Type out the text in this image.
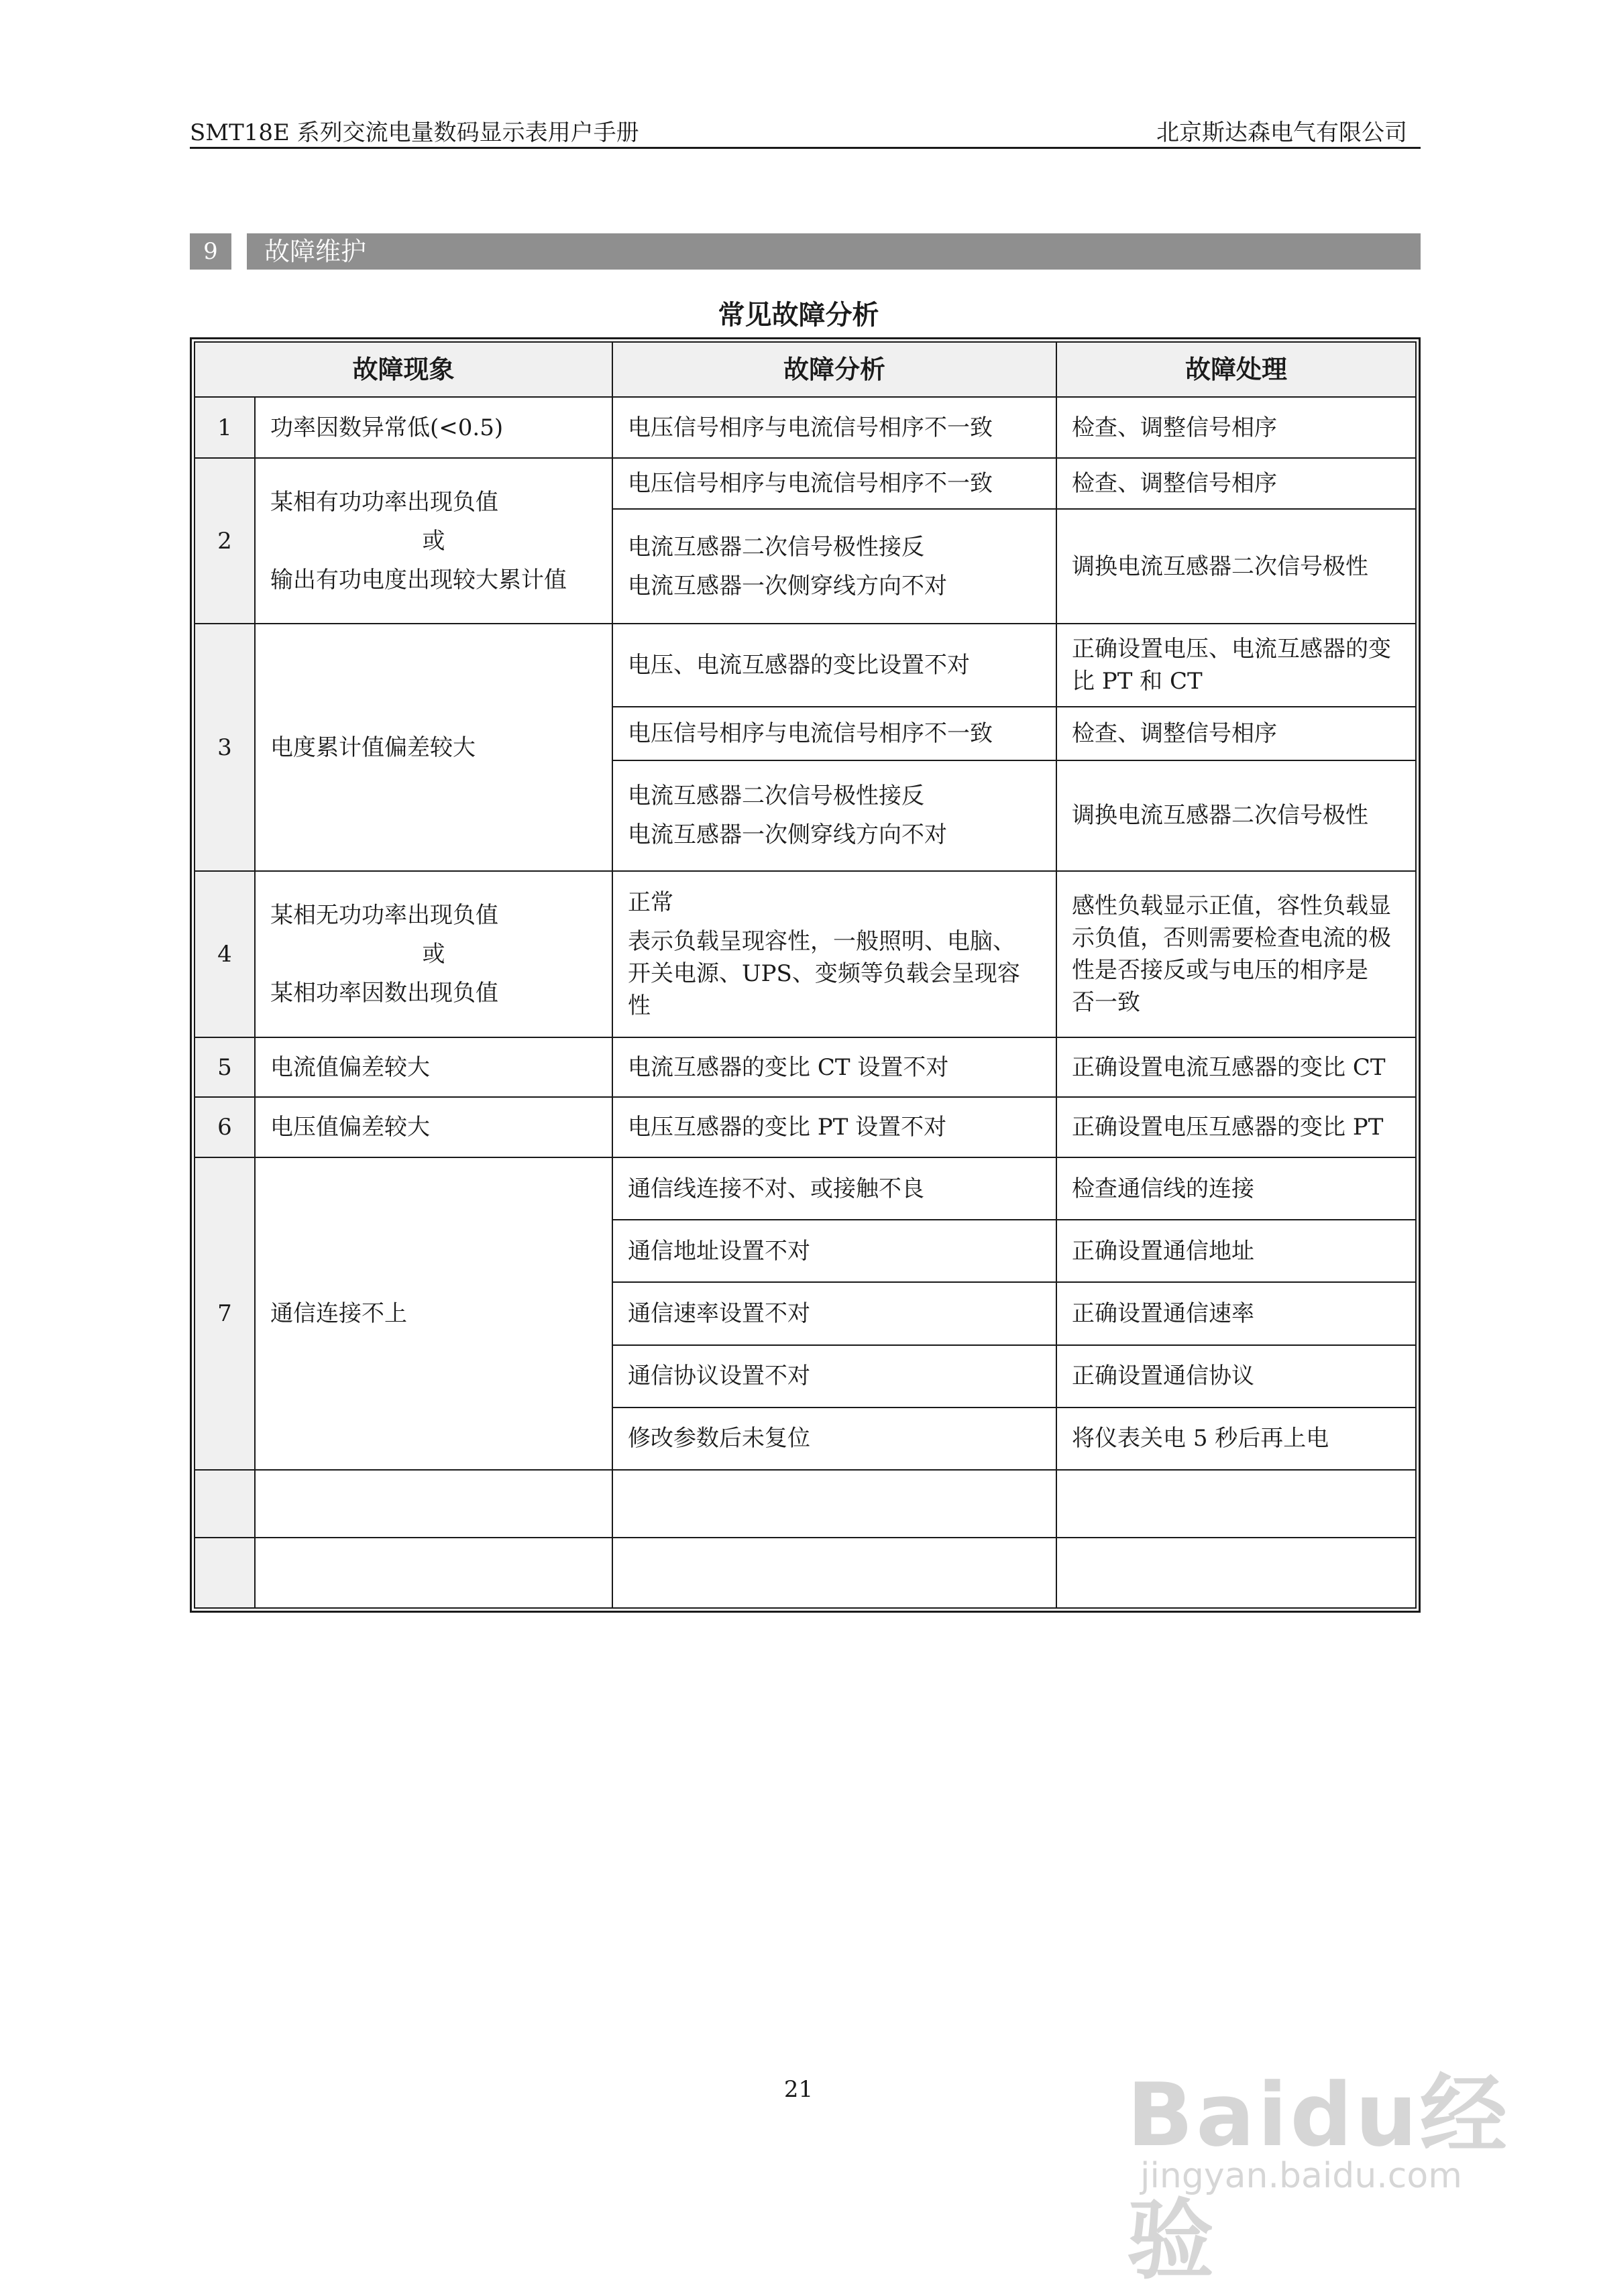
SMT18E 系列交流电量数码显示表用户手册	北京斯达森电气有限公司
9	故障维护
常见故障分析
故障现象		故障分析	故障处理
1	功率因数异常低(<0.5)	电压信号相序与电流信号相序不一致	检查、调整信号相序
2	某相有功功率出现负值
或
输出有功电度出现较大累计值	电压信号相序与电流信号相序不一致	检查、调整信号相序

		电流互感器二次信号极性接反
电流互感器一次侧穿线方向不对	调换电流互感器二次信号极性
3	电度累计值偏差较大	电压、电流互感器的变比设置不对	正确设置电压、电流互感器的变
比 PT 和 CT

		电压信号相序与电流信号相序不一致	检查、调整信号相序

		电流互感器二次信号极性接反
电流互感器一次侧穿线方向不对	调换电流互感器二次信号极性
4	某相无功功率出现负值
或
某相功率因数出现负值	正常
表示负载呈现容性，一般照明、电脑、
开关电源、UPS、变频等负载会呈现容性	感性负载显示正值，容性负载显
示负值，否则需要检查电流的极
性是否接反或与电压的相序是
否一致

5	电流值偏差较大	电流互感器的变比 CT 设置不对	正确设置电流互感器的变比 CT
6	电压值偏差较大	电压互感器的变比 PT 设置不对	正确设置电压互感器的变比 PT
7	通信连接不上	通信线连接不对、或接触不良	检查通信线的连接
		通信地址设置不对	正确设置通信地址
		通信速率设置不对	正确设置通信速率
		通信协议设置不对	正确设置通信协议
		修改参数后未复位	将仪表关电 5 秒后再上电

21	Baidu经验
jingyan.baidu.com
